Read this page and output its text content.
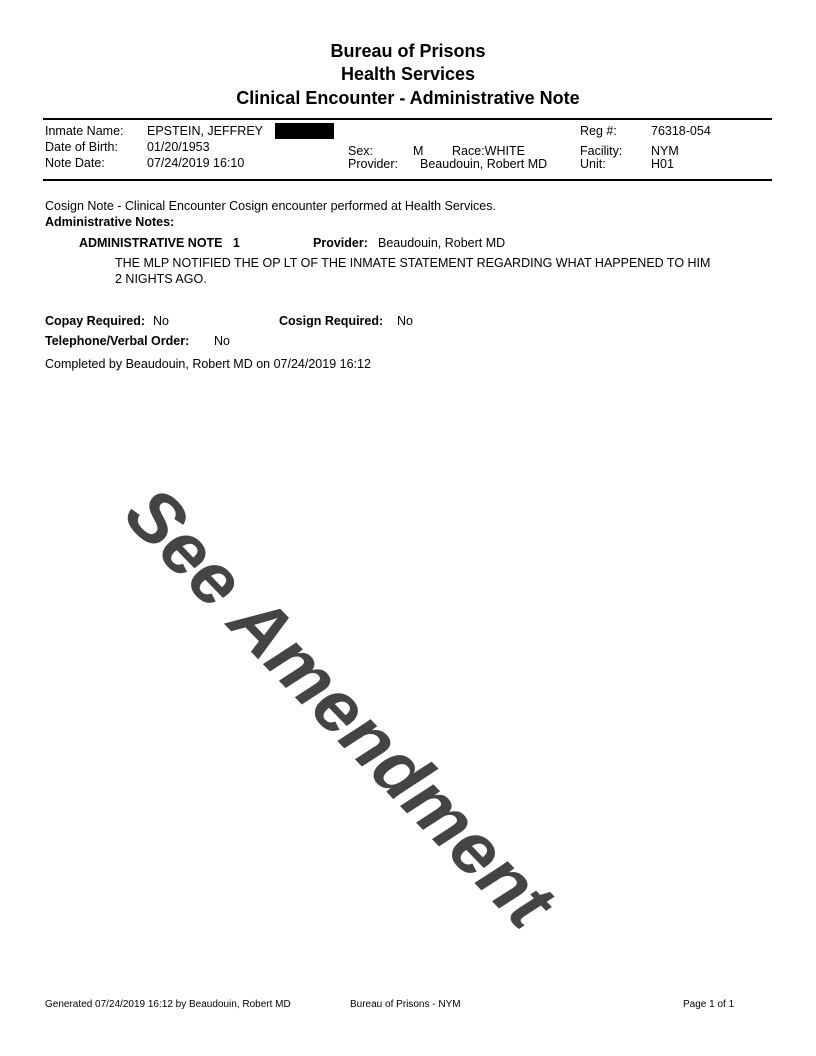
Bureau of Prisons
Health Services
Clinical Encounter - Administrative Note
Inmate Name: EPSTEIN, JEFFREY
Date of Birth: 01/20/1953
Note Date:	07/24/2019 16:10
Sex:	M Race:WHITE
Provider: Beaudouin, Robert MD
Reg #:	76318-054
Facility: NYM
Unit:	H01
Cosign Note - Clinical Encounter Cosign encounter performed at Health Services.
Administrative Notes:
ADMINISTRATIVE NOTE   1	Provider: Beaudouin, Robert MD
THE MLP NOTIFIED THE OP LT OF THE INMATE STATEMENT REGARDING WHAT HAPPENED TO HIM
2 NIGHTS AGO.
Copay Required: No	Cosign Required: No
Telephone/Verbal Order: No
Completed by Beaudouin, Robert MD on 07/24/2019 16:12
See Amendment
Generated 07/24/2019 16:12 by Beaudouin, Robert MD	Bureau of Prisons - NYM	Page 1 of 1
